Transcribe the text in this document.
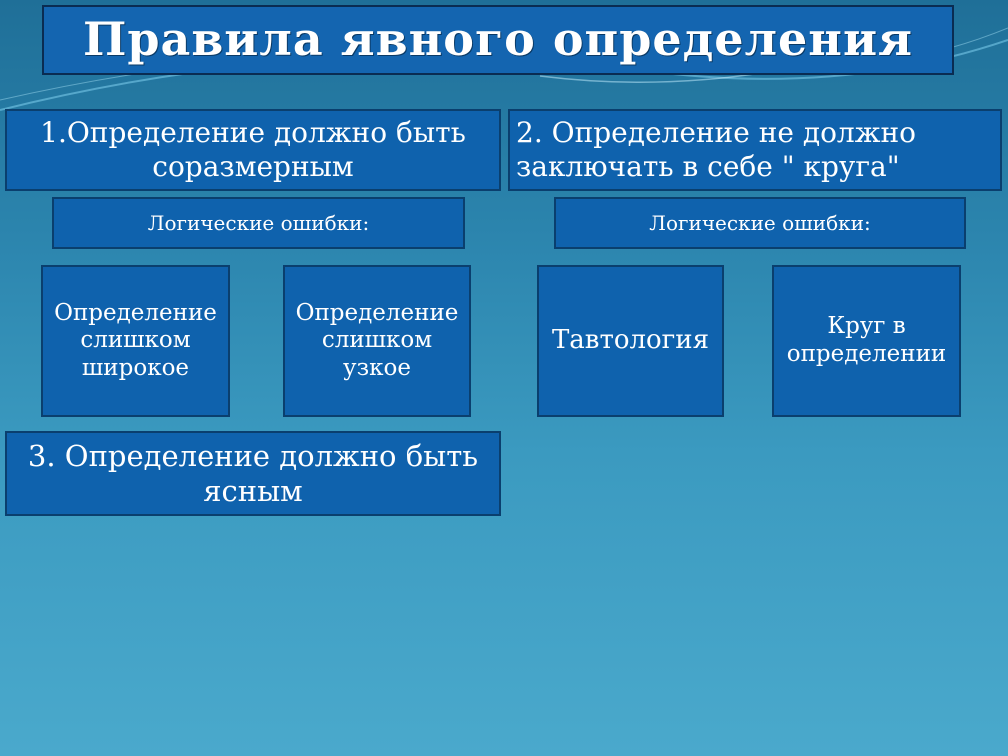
Правила явного определения
1.Определение должно быть
соразмерным
2. Определение не должно
заключать в себе " круга"
Логические ошибки:	Логические ошибки:
Определение
слишком
широкое
Определение
слишком
узкое
Тавтология	Круг в
определении
3. Определение должно быть
ясным
